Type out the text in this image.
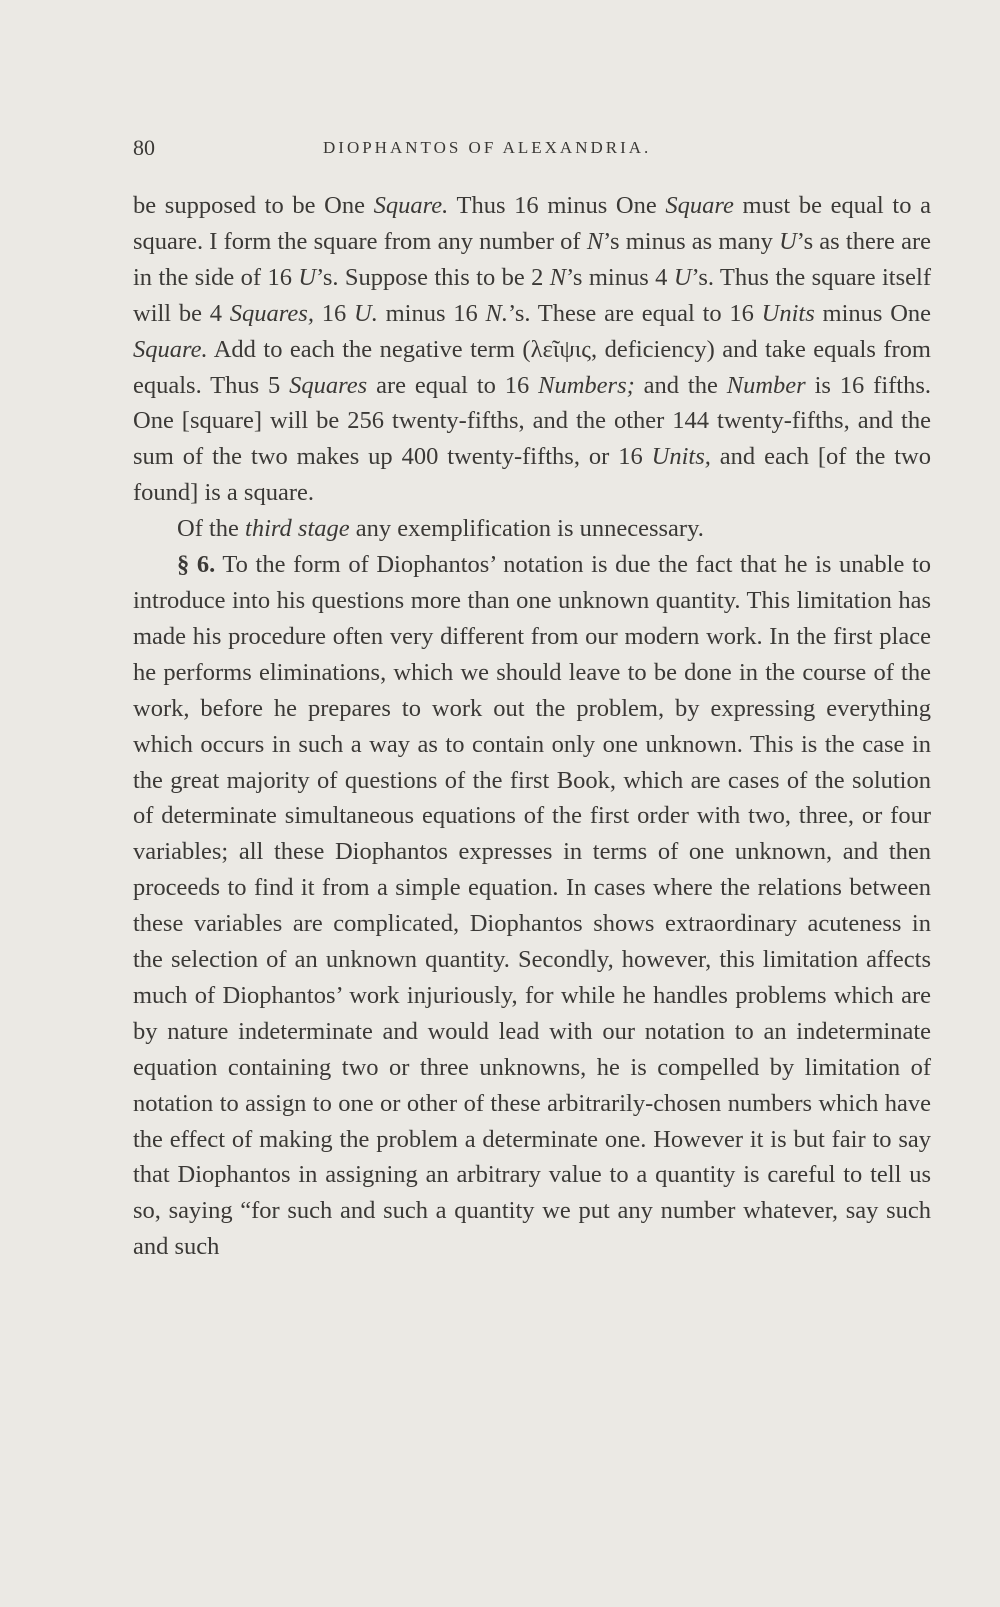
80	DIOPHANTOS OF ALEXANDRIA.

be supposed to be One Square. Thus 16 minus One Square must be equal to a square. I form the square from any number of N’s minus as many U’s as there are in the side of 16 U’s. Suppose this to be 2 N’s minus 4 U’s. Thus the square itself will be 4 Squares, 16 U. minus 16 N.’s. These are equal to 16 Units minus One Square. Add to each the negative term (λεῖψις, deficiency) and take equals from equals. Thus 5 Squares are equal to 16 Numbers; and the Number is 16 fifths. One [square] will be 256 twenty-fifths, and the other 144 twenty-fifths, and the sum of the two makes up 400 twenty-fifths, or 16 Units, and each [of the two found] is a square.

Of the third stage any exemplification is unnecessary.

§ 6. To the form of Diophantos’ notation is due the fact that he is unable to introduce into his questions more than one unknown quantity. This limitation has made his procedure often very different from our modern work. In the first place he performs eliminations, which we should leave to be done in the course of the work, before he prepares to work out the problem, by expressing everything which occurs in such a way as to contain only one unknown. This is the case in the great majority of questions of the first Book, which are cases of the solution of determinate simultaneous equations of the first order with two, three, or four variables; all these Diophantos expresses in terms of one unknown, and then proceeds to find it from a simple equation. In cases where the relations between these variables are complicated, Diophantos shows extraordinary acuteness in the selection of an unknown quantity. Secondly, however, this limitation affects much of Diophantos’ work injuriously, for while he handles problems which are by nature indeterminate and would lead with our notation to an indeterminate equation containing two or three unknowns, he is compelled by limitation of notation to assign to one or other of these arbitrarily-chosen numbers which have the effect of making the problem a determinate one. However it is but fair to say that Diophantos in assigning an arbitrary value to a quantity is careful to tell us so, saying “for such and such a quantity we put any number whatever, say such and such
